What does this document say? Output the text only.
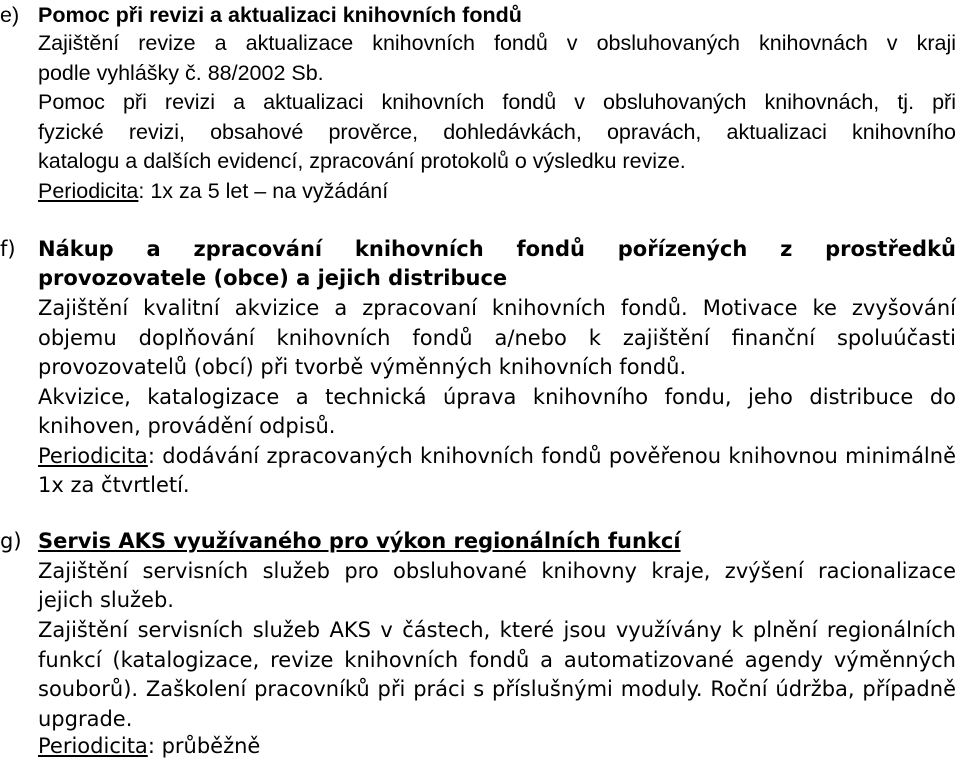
e) Pomoc při revizi a aktualizaci knihovních fondů
Zajištění revize a aktualizace knihovních fondů v obsluhovaných knihovnách v kraji
podle vyhlášky č. 88/2002 Sb.
Pomoc při revizi a aktualizaci knihovních fondů v obsluhovaných knihovnách, tj. při
fyzické revizi, obsahové prověrce, dohledávkách, opravách, aktualizaci knihovního
katalogu a dalších evidencí, zpracování protokolů o výsledku revize.
Periodicita: 1x za 5 let – na vyžádání
f) Nákup a zpracování knihovních fondů pořízených z prostředků
provozovatele (obce) a jejich distribuce
Zajištění kvalitní akvizice a zpracovaní knihovních fondů. Motivace ke zvyšování
objemu doplňování knihovních fondů a/nebo k zajištění finanční spoluúčasti
provozovatelů (obcí) při tvorbě výměnných knihovních fondů.
Akvizice, katalogizace a technická úprava knihovního fondu, jeho distribuce do
knihoven, provádění odpisů.
Periodicita: dodávání zpracovaných knihovních fondů pověřenou knihovnou minimálně
1x za čtvrtletí.
g) Servis AKS využívaného pro výkon regionálních funkcí
Zajištění servisních služeb pro obsluhované knihovny kraje, zvýšení racionalizace
jejich služeb.
Zajištění servisních služeb AKS v částech, které jsou využívány k plnění regionálních
funkcí (katalogizace, revize knihovních fondů a automatizované agendy výměnných
souborů). Zaškolení pracovníků při práci s příslušnými moduly. Roční údržba, případně
upgrade.
Periodicita: průběžně
